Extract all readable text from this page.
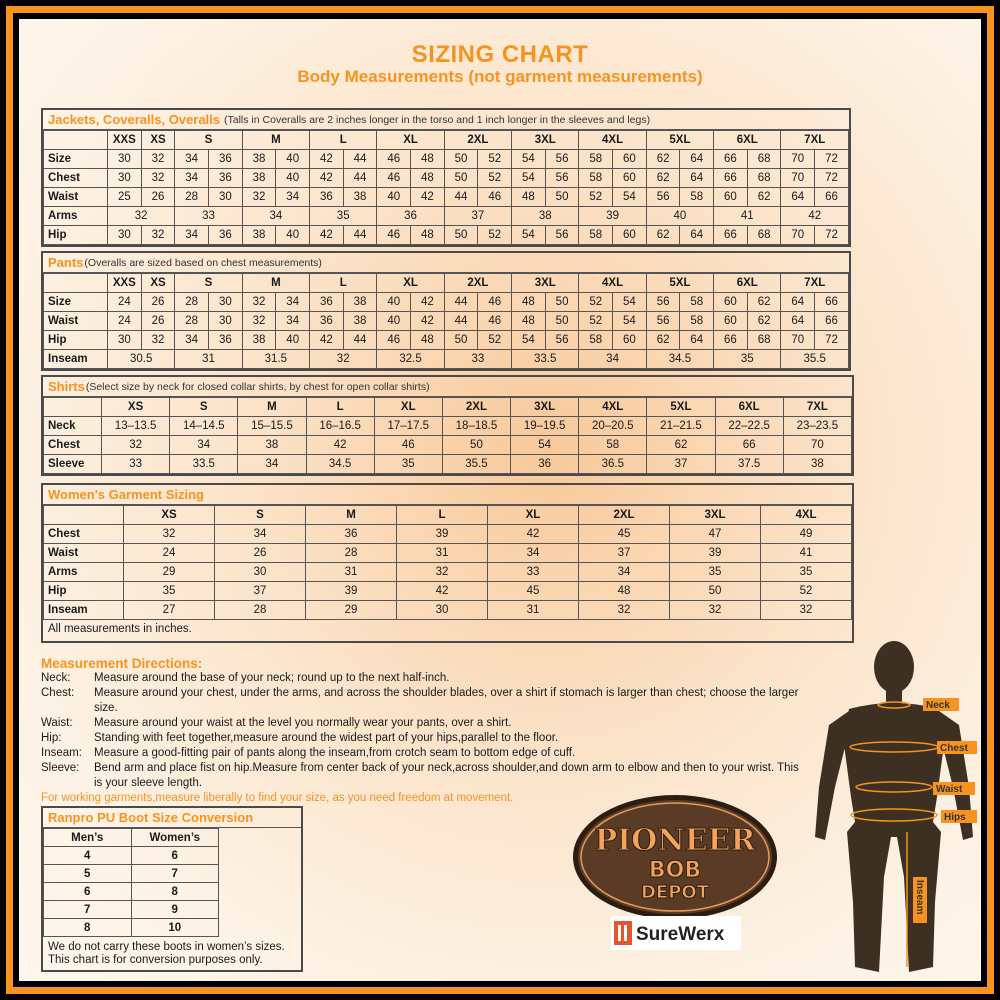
SIZING CHART
Body Measurements (not garment measurements)
Jackets, Coveralls, Overalls (Talls in Coveralls are 2 inches longer in the torso and 1 inch longer in the sleeves and legs)
	XXS	XS	S		M		L		XL		2XL		3XL		4XL		5XL		6XL		7XL	
Size	30	32	34	36	38	40	42	44	46	48	50	52	54	56	58	60	62	64	66	68	70	72
Chest	30	32	34	36	38	40	42	44	46	48	50	52	54	56	58	60	62	64	66	68	70	72
Waist	25	26	28	30	32	34	36	38	40	42	44	46	48	50	52	54	56	58	60	62	64	66
Arms	32		33		34		35		36		37		38		39		40		41		42	
Hip	30	32	34	36	38	40	42	44	46	48	50	52	54	56	58	60	62	64	66	68	70	72
Pants (Overalls are sized based on chest measurements)
	XXS	XS	S		M		L		XL		2XL		3XL		4XL		5XL		6XL		7XL	
Size	24	26	28	30	32	34	36	38	40	42	44	46	48	50	52	54	56	58	60	62	64	66
Waist	24	26	28	30	32	34	36	38	40	42	44	46	48	50	52	54	56	58	60	62	64	66
Hip	30	32	34	36	38	40	42	44	46	48	50	52	54	56	58	60	62	64	66	68	70	72
Inseam	30.5		31		31.5		32		32.5		33		33.5		34		34.5		35		35.5	
Shirts (Select size by neck for closed collar shirts, by chest for open collar shirts)
	XS	S	M	L	XL	2XL	3XL	4XL	5XL	6XL	7XL
Neck	13–13.5	14–14.5	15–15.5	16–16.5	17–17.5	18–18.5	19–19.5	20–20.5	21–21.5	22–22.5	23–23.5
Chest	32	34	38	42	46	50	54	58	62	66	70
Sleeve	33	33.5	34	34.5	35	35.5	36	36.5	37	37.5	38
Women's Garment Sizing
	XS	S	M	L	XL	2XL	3XL	4XL
Chest	32	34	36	39	42	45	47	49
Waist	24	26	28	31	34	37	39	41
Arms	29	30	31	32	33	34	35	35
Hip	35	37	39	42	45	48	50	52
Inseam	27	28	29	30	31	32	32	32
All measurements in inches.
Measurement Directions:
Neck:	Measure around the base of your neck; round up to the next half-inch.
Chest:	Measure around your chest, under the arms, and across the shoulder blades, over a shirt if stomach is larger than chest; choose the larger size.
Waist:	Measure around your waist at the level you normally wear your pants, over a shirt.
Hip:	Standing with feet together,measure around the widest part of your hips,parallel to the floor.
Inseam:	Measure a good-fitting pair of pants along the inseam,from crotch seam to bottom edge of cuff.
Sleeve:	Bend arm and place fist on hip.Measure from center back of your neck,across shoulder,and down arm to elbow and then to your wrist. This is your sleeve length.
For working garments,measure liberally to find your size, as you need freedom at movement.
Ranpro PU Boot Size Conversion
Men’s	Women’s
4	6
5	7
6	8
7	9
8	10
We do not carry these boots in women’s sizes.
This chart is for conversion purposes only.
PIONEER
BOB
DEPOT
SureWerx
Neck
Chest
Waist
Hips
Inseam
